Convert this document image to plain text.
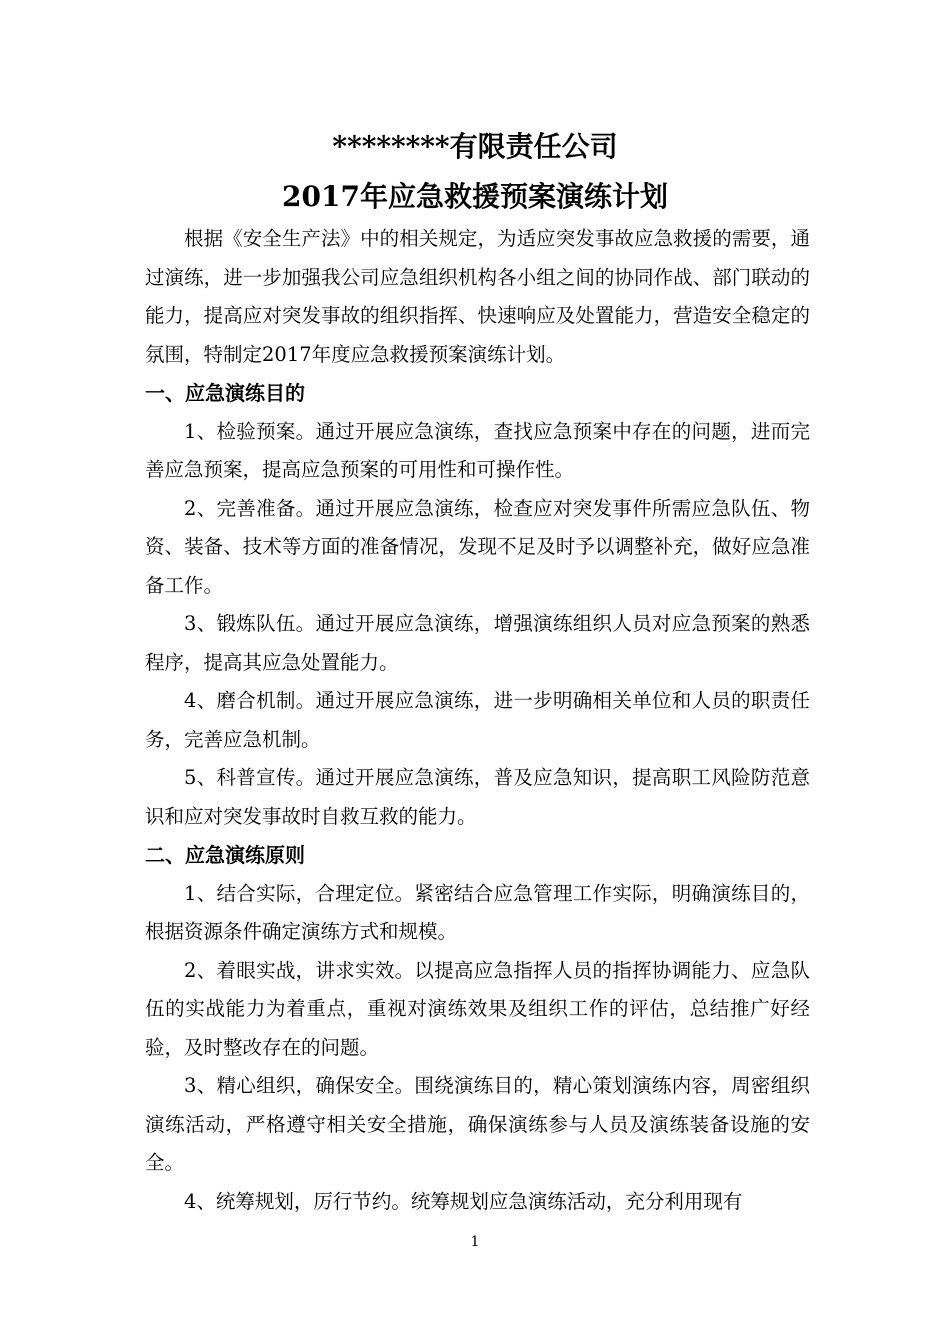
********有限责任公司
2017年应急救援预案演练计划

根据《安全生产法》中的相关规定，为适应突发事故应急救援的需要，通过演练，进一步加强我公司应急组织机构各小组之间的协同作战、部门联动的能力，提高应对突发事故的组织指挥、快速响应及处置能力，营造安全稳定的氛围，特制定2017年度应急救援预案演练计划。

一、应急演练目的

1、检验预案。通过开展应急演练，查找应急预案中存在的问题，进而完善应急预案，提高应急预案的可用性和可操作性。

2、完善准备。通过开展应急演练，检查应对突发事件所需应急队伍、物资、装备、技术等方面的准备情况，发现不足及时予以调整补充，做好应急准备工作。

3、锻炼队伍。通过开展应急演练，增强演练组织人员对应急预案的熟悉程序，提高其应急处置能力。

4、磨合机制。通过开展应急演练，进一步明确相关单位和人员的职责任务，完善应急机制。

5、科普宣传。通过开展应急演练，普及应急知识，提高职工风险防范意识和应对突发事故时自救互救的能力。

二、应急演练原则

1、结合实际，合理定位。紧密结合应急管理工作实际，明确演练目的，根据资源条件确定演练方式和规模。

2、着眼实战，讲求实效。以提高应急指挥人员的指挥协调能力、应急队伍的实战能力为着重点，重视对演练效果及组织工作的评估，总结推广好经验，及时整改存在的问题。

3、精心组织，确保安全。围绕演练目的，精心策划演练内容，周密组织演练活动，严格遵守相关安全措施，确保演练参与人员及演练装备设施的安全。

4、统筹规划，厉行节约。统筹规划应急演练活动，充分利用现有

1
